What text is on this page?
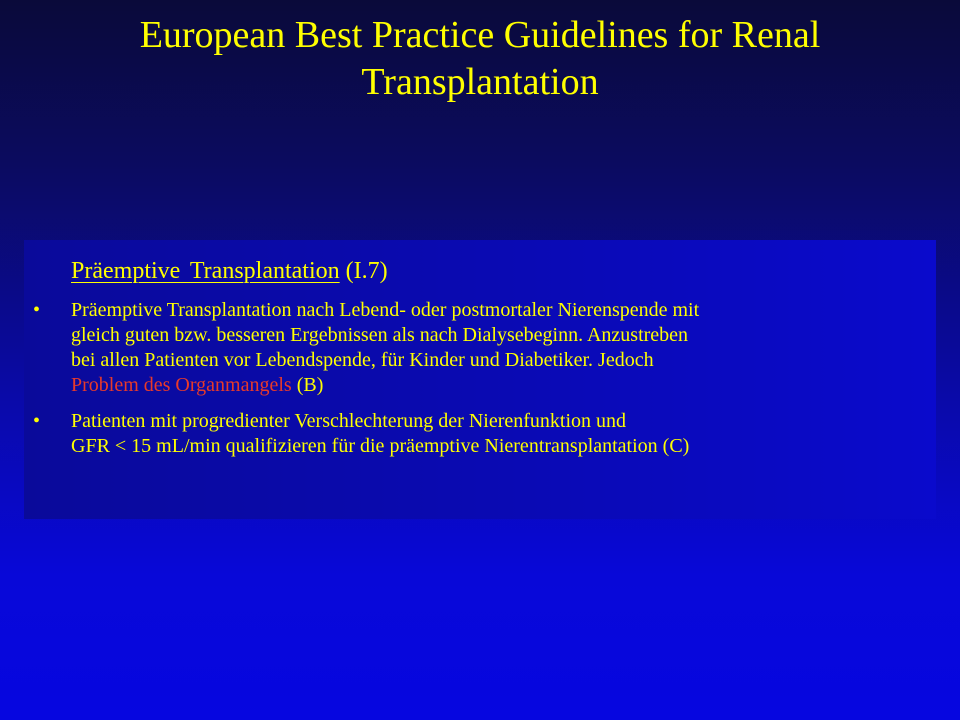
European Best Practice Guidelines for Renal
Transplantation
Präemptive Transplantation (I.7)
• Präemptive Transplantation nach Lebend- oder postmortaler Nierenspende mit
gleich guten bzw. besseren Ergebnissen als nach Dialysebeginn. Anzustreben
bei allen Patienten vor Lebendspende, für Kinder und Diabetiker. Jedoch
Problem des Organmangels (B)
• Patienten mit progredienter Verschlechterung der Nierenfunktion und
GFR < 15 mL/min qualifizieren für die präemptive Nierentransplantation (C)
